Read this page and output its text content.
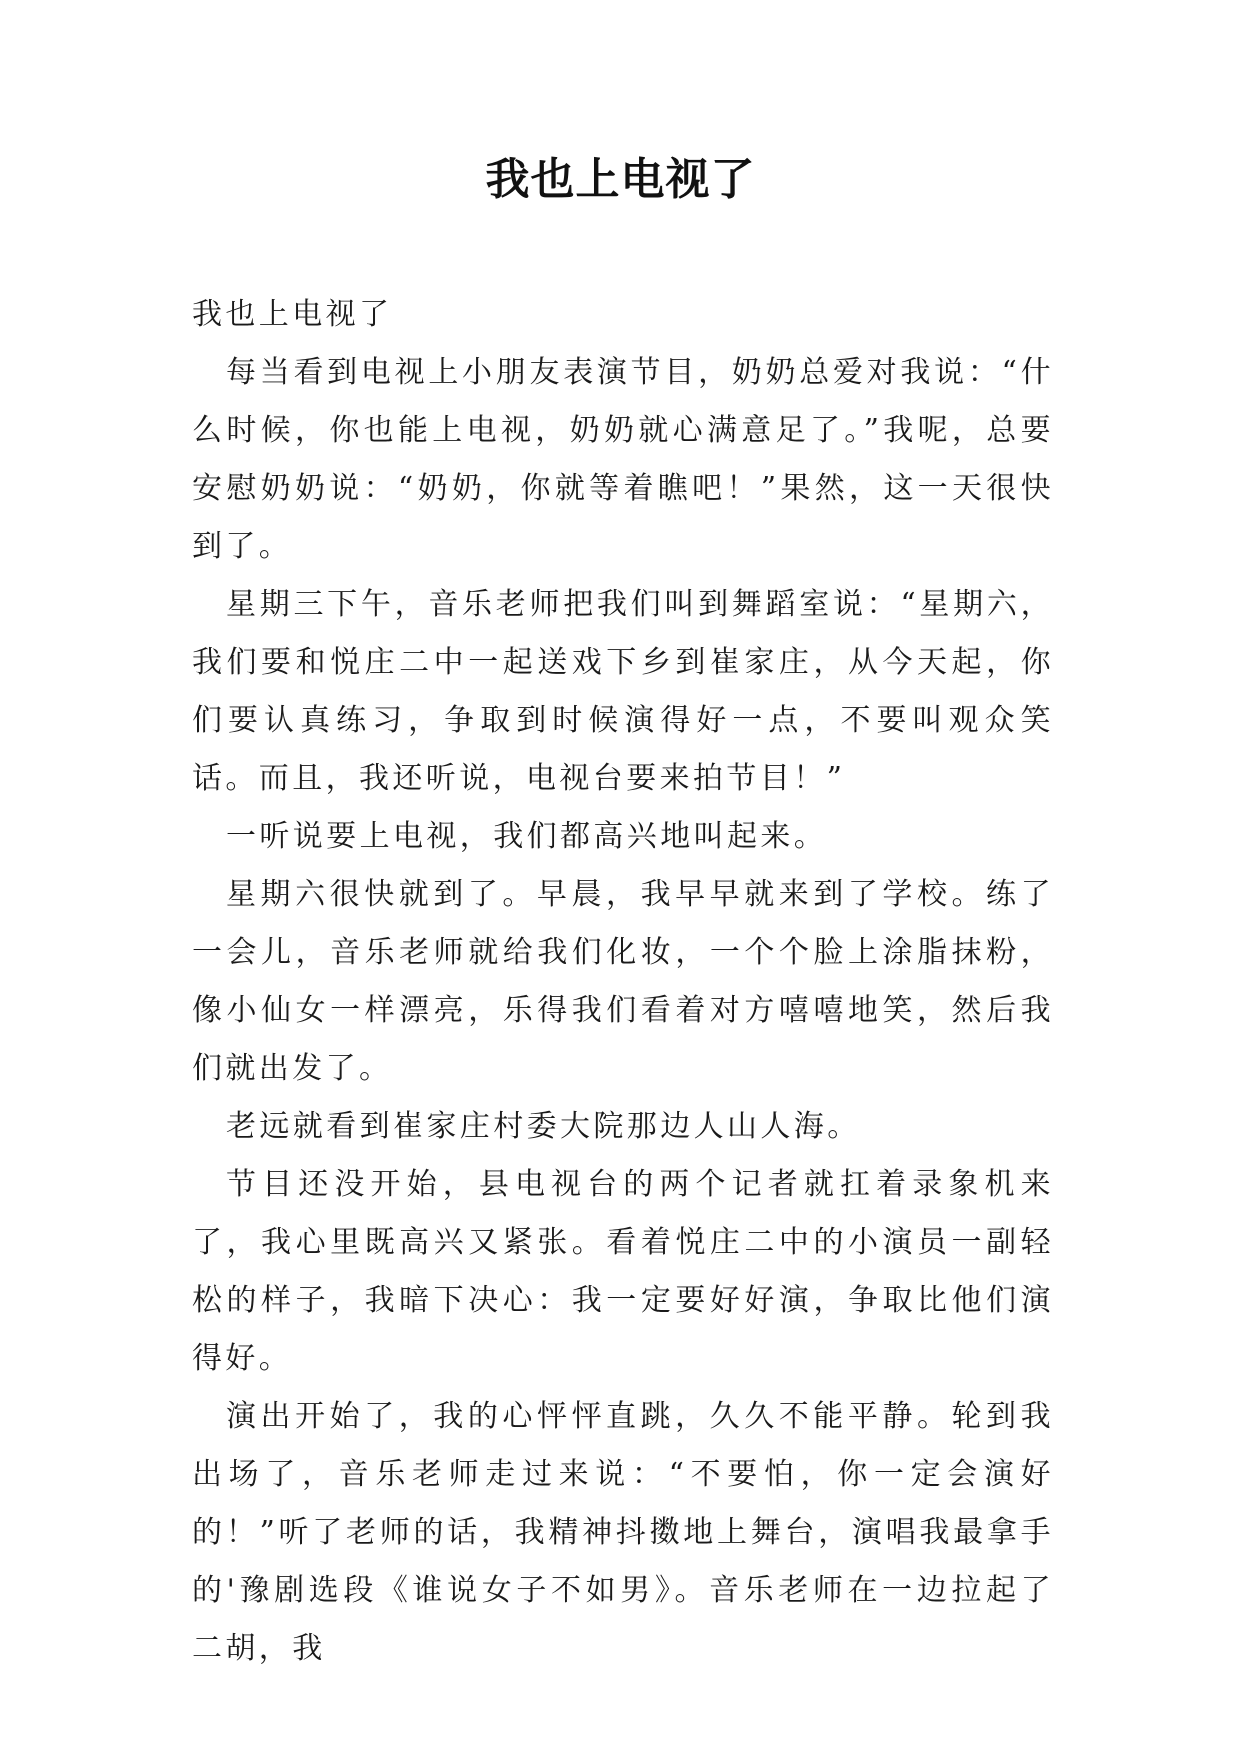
我也上电视了

我也上电视了

每当看到电视上小朋友表演节目，奶奶总爱对我说：“什么时候，你也能上电视，奶奶就心满意足了。”我呢，总要安慰奶奶说：“奶奶，你就等着瞧吧！”果然，这一天很快到了。

星期三下午，音乐老师把我们叫到舞蹈室说：“星期六，我们要和悦庄二中一起送戏下乡到崔家庄，从今天起，你们要认真练习，争取到时候演得好一点，不要叫观众笑话。而且，我还听说，电视台要来拍节目！”

一听说要上电视，我们都高兴地叫起来。

星期六很快就到了。早晨，我早早就来到了学校。练了一会儿，音乐老师就给我们化妆，一个个脸上涂脂抹粉，像小仙女一样漂亮，乐得我们看着对方嘻嘻地笑，然后我们就出发了。

老远就看到崔家庄村委大院那边人山人海。

节目还没开始，县电视台的两个记者就扛着录象机来了，我心里既高兴又紧张。看着悦庄二中的小演员一副轻松的样子，我暗下决心：我一定要好好演，争取比他们演得好。

演出开始了，我的心怦怦直跳，久久不能平静。轮到我出场了，音乐老师走过来说：“不要怕，你一定会演好的！”听了老师的话，我精神抖擞地上舞台，演唱我最拿手的'豫剧选段《谁说女子不如男》。音乐老师在一边拉起了二胡，我
